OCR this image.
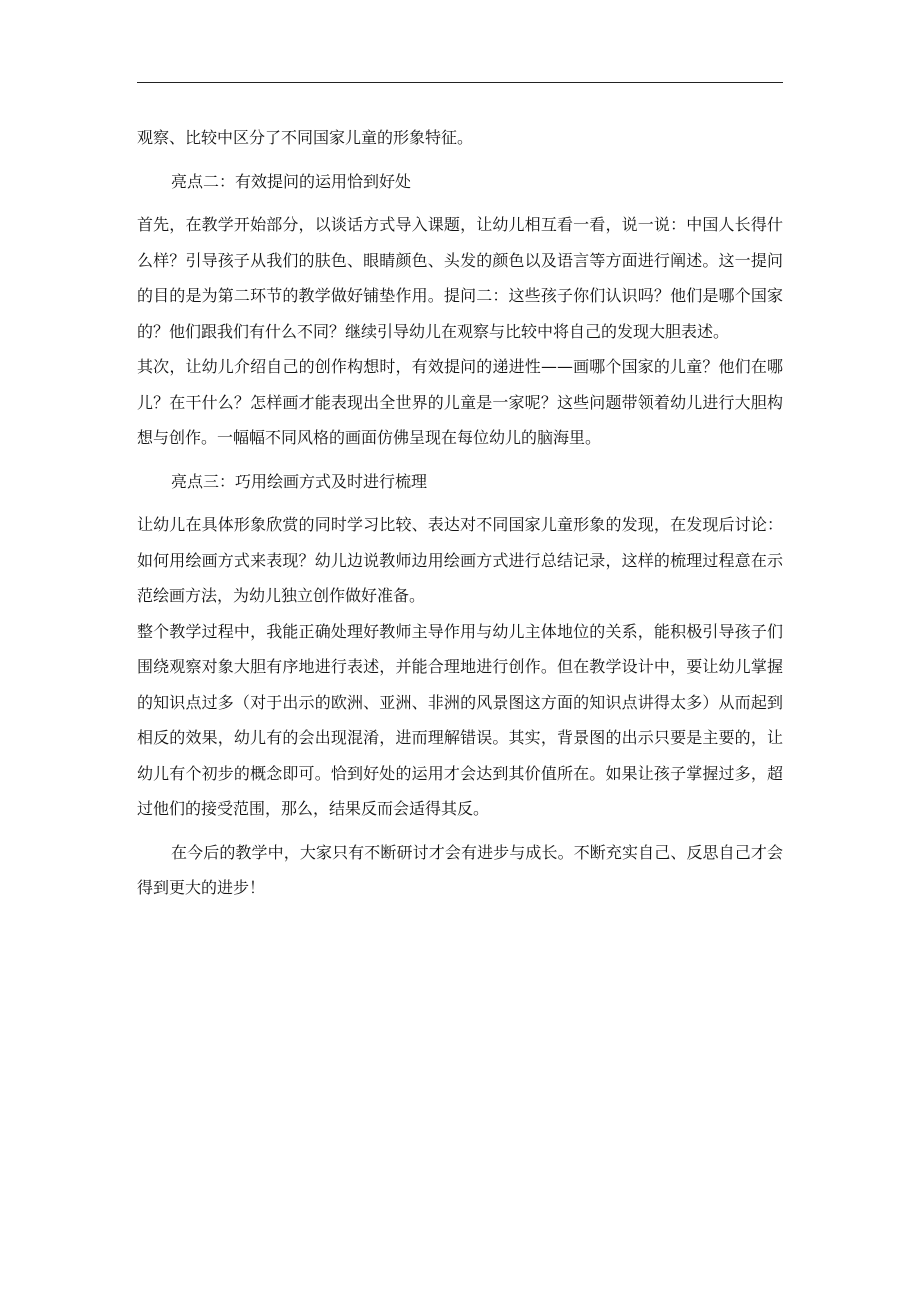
观察、比较中区分了不同国家儿童的形象特征。

亮点二：有效提问的运用恰到好处

首先，在教学开始部分，以谈话方式导入课题，让幼儿相互看一看，说一说：中国人长得什么样？引导孩子从我们的肤色、眼睛颜色、头发的颜色以及语言等方面进行阐述。这一提问的目的是为第二环节的教学做好铺垫作用。提问二：这些孩子你们认识吗？他们是哪个国家的？他们跟我们有什么不同？继续引导幼儿在观察与比较中将自己的发现大胆表述。

其次，让幼儿介绍自己的创作构想时，有效提问的递进性——画哪个国家的儿童？他们在哪儿？在干什么？怎样画才能表现出全世界的儿童是一家呢？这些问题带领着幼儿进行大胆构想与创作。一幅幅不同风格的画面仿佛呈现在每位幼儿的脑海里。

亮点三：巧用绘画方式及时进行梳理

让幼儿在具体形象欣赏的同时学习比较、表达对不同国家儿童形象的发现，在发现后讨论：如何用绘画方式来表现？幼儿边说教师边用绘画方式进行总结记录，这样的梳理过程意在示范绘画方法，为幼儿独立创作做好准备。

整个教学过程中，我能正确处理好教师主导作用与幼儿主体地位的关系，能积极引导孩子们围绕观察对象大胆有序地进行表述，并能合理地进行创作。但在教学设计中，要让幼儿掌握的知识点过多（对于出示的欧洲、亚洲、非洲的风景图这方面的知识点讲得太多）从而起到相反的效果，幼儿有的会出现混淆，进而理解错误。其实，背景图的出示只要是主要的，让幼儿有个初步的概念即可。恰到好处的运用才会达到其价值所在。如果让孩子掌握过多，超过他们的接受范围，那么，结果反而会适得其反。

在今后的教学中，大家只有不断研讨才会有进步与成长。不断充实自己、反思自己才会得到更大的进步！
